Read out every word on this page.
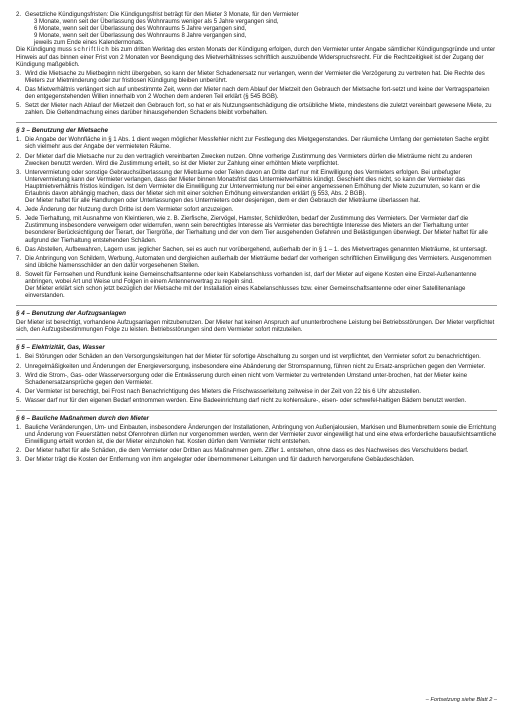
2. Gesetzliche Kündigungsfristen: Die Kündigungsfrist beträgt für den Mieter 3 Monate, für den Vermieter

3 Monate, wenn seit der Überlassung des Wohnraums weniger als 5 Jahre vergangen sind,
6 Monate, wenn seit der Überlassung des Wohnraums 5 Jahre vergangen sind,
9 Monate, wenn seit der Überlassung des Wohnraums 8 Jahre vergangen sind,
jeweils zum Ende eines Kalendermonats.

Die Kündigung muss schriftlich bis zum dritten Werktag des ersten Monats der Kündigung erfolgen, durch den Vermieter unter Angabe sämtlicher Kündigungsgründe und unter Hinweis auf das binnen einer Frist von 2 Monaten vor Beendigung des Mietverhältnisses schriftlich auszuübende Widerspruchsrecht. Für die Rechtzeitigkeit ist der Zugang der Kündigung maßgeblich.

3. Wird die Mietsache zu Mietbeginn nicht übergeben, so kann der Mieter Schadenersatz nur verlangen, wenn der Vermieter die Verzögerung zu vertreten hat. Die Rechte des Mieters zur Mietminderung oder zur fristlosen Kündigung bleiben unberührt.
4. Das Mietverhältnis verlängert sich auf unbestimmte Zeit, wenn der Mieter nach dem Ablauf der Mietzeit den Gebrauch der Mietsache fort-setzt und keine der Vertragsparteien den entgegenstehenden Willen innerhalb von 2 Wochen dem anderen Teil erklärt (§ 545 BGB).
5. Setzt der Mieter nach Ablauf der Mietzeit den Gebrauch fort, so hat er als Nutzungsentschädigung die ortsübliche Miete, mindestens die zuletzt vereinbart gewesene Miete, zu zahlen. Die Geltendmachung eines darüber hinausgehenden Schadens bleibt vorbehalten.
§ 3 – Benutzung der Mietsache
1. Die Angabe der Wohnfläche in § 1 Abs. 1 dient wegen möglicher Messfehler nicht zur Festlegung des Mietgegenstandes. Der räumliche Umfang der gemieteten Sache ergibt sich vielmehr aus der Angabe der vermieteten Räume.
2. Der Mieter darf die Mietsache nur zu den vertraglich vereinbarten Zwecken nutzen. Ohne vorherige Zustimmung des Vermieters dürfen die Mieträume nicht zu anderen Zwecken benutzt werden. Wird die Zustimmung erteilt, so ist der Mieter zur Zahlung einer erhöhten Miete verpflichtet.
3. Untervermietung oder sonstige Gebrauchsüberlassung der Mieträume oder Teilen davon an Dritte darf nur mit Einwilligung des Vermieters erfolgen. Bei unbefugter Untervermietung kann der Vermieter verlangen, dass der Mieter binnen Monatsfrist das Untermietverhältnis kündigt. Geschieht dies nicht, so kann der Vermieter das Hauptmietverhältnis fristlos kündigen. Ist dem Vermieter die Einwilligung zur Untervermietung nur bei einer angemessenen Erhöhung der Miete zuzumuten, so kann er die Erlaubnis davon abhängig machen, dass der Mieter sich mit einer solchen Erhöhung einverstanden erklärt (§ 553, Abs. 2 BGB).

Der Mieter haftet für alle Handlungen oder Unterlassungen des Untermieters oder desjenigen, dem er den Gebrauch der Mieträume überlassen hat.

4. Jede Änderung der Nutzung durch Dritte ist dem Vermieter sofort anzuzeigen.
5. Jede Tierhaltung, mit Ausnahme von Kleintieren, wie z. B. Zierfische, Ziervögel, Hamster, Schildkröten, bedarf der Zustimmung des Vermieters. Der Vermieter darf die Zustimmung insbesondere verweigern oder widerrufen, wenn sein berechtigtes Interesse als Vermieter das berechtigte Interesse des Mieters an der Tierhaltung unter besonderer Berücksichtigung der Tierart, der Tiergröße, der Tierhaltung und der von dem Tier ausgehenden Gefahren und Belästigungen überwiegt. Der Mieter haftet für alle aufgrund der Tierhaltung entstehenden Schäden.
6. Das Abstellen, Aufbewahren, Lagern usw. jeglicher Sachen, sei es auch nur vorübergehend, außerhalb der in § 1 – 1. des Mietvertrages genannten Mieträume, ist untersagt.
7. Die Anbringung von Schildern, Werbung, Automaten und dergleichen außerhalb der Mieträume bedarf der vorherigen schriftlichen Einwilligung des Vermieters. Ausgenommen sind übliche Namensschilder an den dafür vorgesehenen Stellen.
8. Soweit für Fernsehen und Rundfunk keine Gemeinschaftsantenne oder kein Kabelanschluss vorhanden ist, darf der Mieter auf eigene Kosten eine Einzel-Außenantenne anbringen, wobei Art und Weise und Folgen in einem Antennenvertrag zu regeln sind.

Der Mieter erklärt sich schon jetzt bezüglich der Mietsache mit der Installation eines Kabelanschlusses bzw. einer Gemeinschaftsantenne oder einer Satellitenanlage einverstanden.

§ 4 – Benutzung der Aufzugsanlagen

Der Mieter ist berechtigt, vorhandene Aufzugsanlagen mitzubenutzen. Der Mieter hat keinen Anspruch auf ununterbrochene Leistung bei Betriebsstörungen. Der Mieter verpflichtet sich, den Aufzugsbestimmungen Folge zu leisten. Betriebsstörungen sind dem Vermieter sofort mitzuteilen.

§ 5 – Elektrizität, Gas, Wasser
1. Bei Störungen oder Schäden an den Versorgungsleitungen hat der Mieter für sofortige Abschaltung zu sorgen und ist verpflichtet, den Vermieter sofort zu benachrichtigen.
2. Unregelmäßigkeiten und Änderungen der Energieversorgung, insbesondere eine Abänderung der Stromspannung, führen nicht zu Ersatz-ansprüchen gegen den Vermieter.
3. Wird die Strom-, Gas- oder Wasserversorgung oder die Entwässerung durch einen nicht vom Vermieter zu vertretenden Umstand unter-brochen, hat der Mieter keine Schadenersatzansprüche gegen den Vermieter.
4. Der Vermieter ist berechtigt, bei Frost nach Benachrichtigung des Mieters die Frischwasserleitung zeitweise in der Zeit von 22 bis 6 Uhr abzustellen.
5. Wasser darf nur für den eigenen Bedarf entnommen werden. Eine Badeeinrichtung darf nicht zu kohlensäure-, eisen- oder schwefel-haltigen Bädern benutzt werden.
§ 6 – Bauliche Maßnahmen durch den Mieter
1. Bauliche Veränderungen, Um- und Einbauten, insbesondere Änderungen der Installationen, Anbringung von Außenjalousien, Markisen und Blumenbrettern sowie die Errichtung und Änderung von Feuerstätten nebst Ofenrohren dürfen nur vorgenommen werden, wenn der Vermieter zuvor eingewilligt hat und eine etwa erforderliche bauaufsichtsamtliche Einwilligung erteilt worden ist, die der Mieter einzuholen hat. Kosten dürfen dem Vermieter nicht entstehen.
2. Der Mieter haftet für alle Schäden, die dem Vermieter oder Dritten aus Maßnahmen gem. Ziffer 1. entstehen, ohne dass es des Nachweises des Verschuldens bedarf.
3. Der Mieter trägt die Kosten der Entfernung von ihm angelegter oder übernommener Leitungen und für dadurch hervorgerufene Gebäudeschäden.
– Fortsetzung siehe Blatt 2 –
